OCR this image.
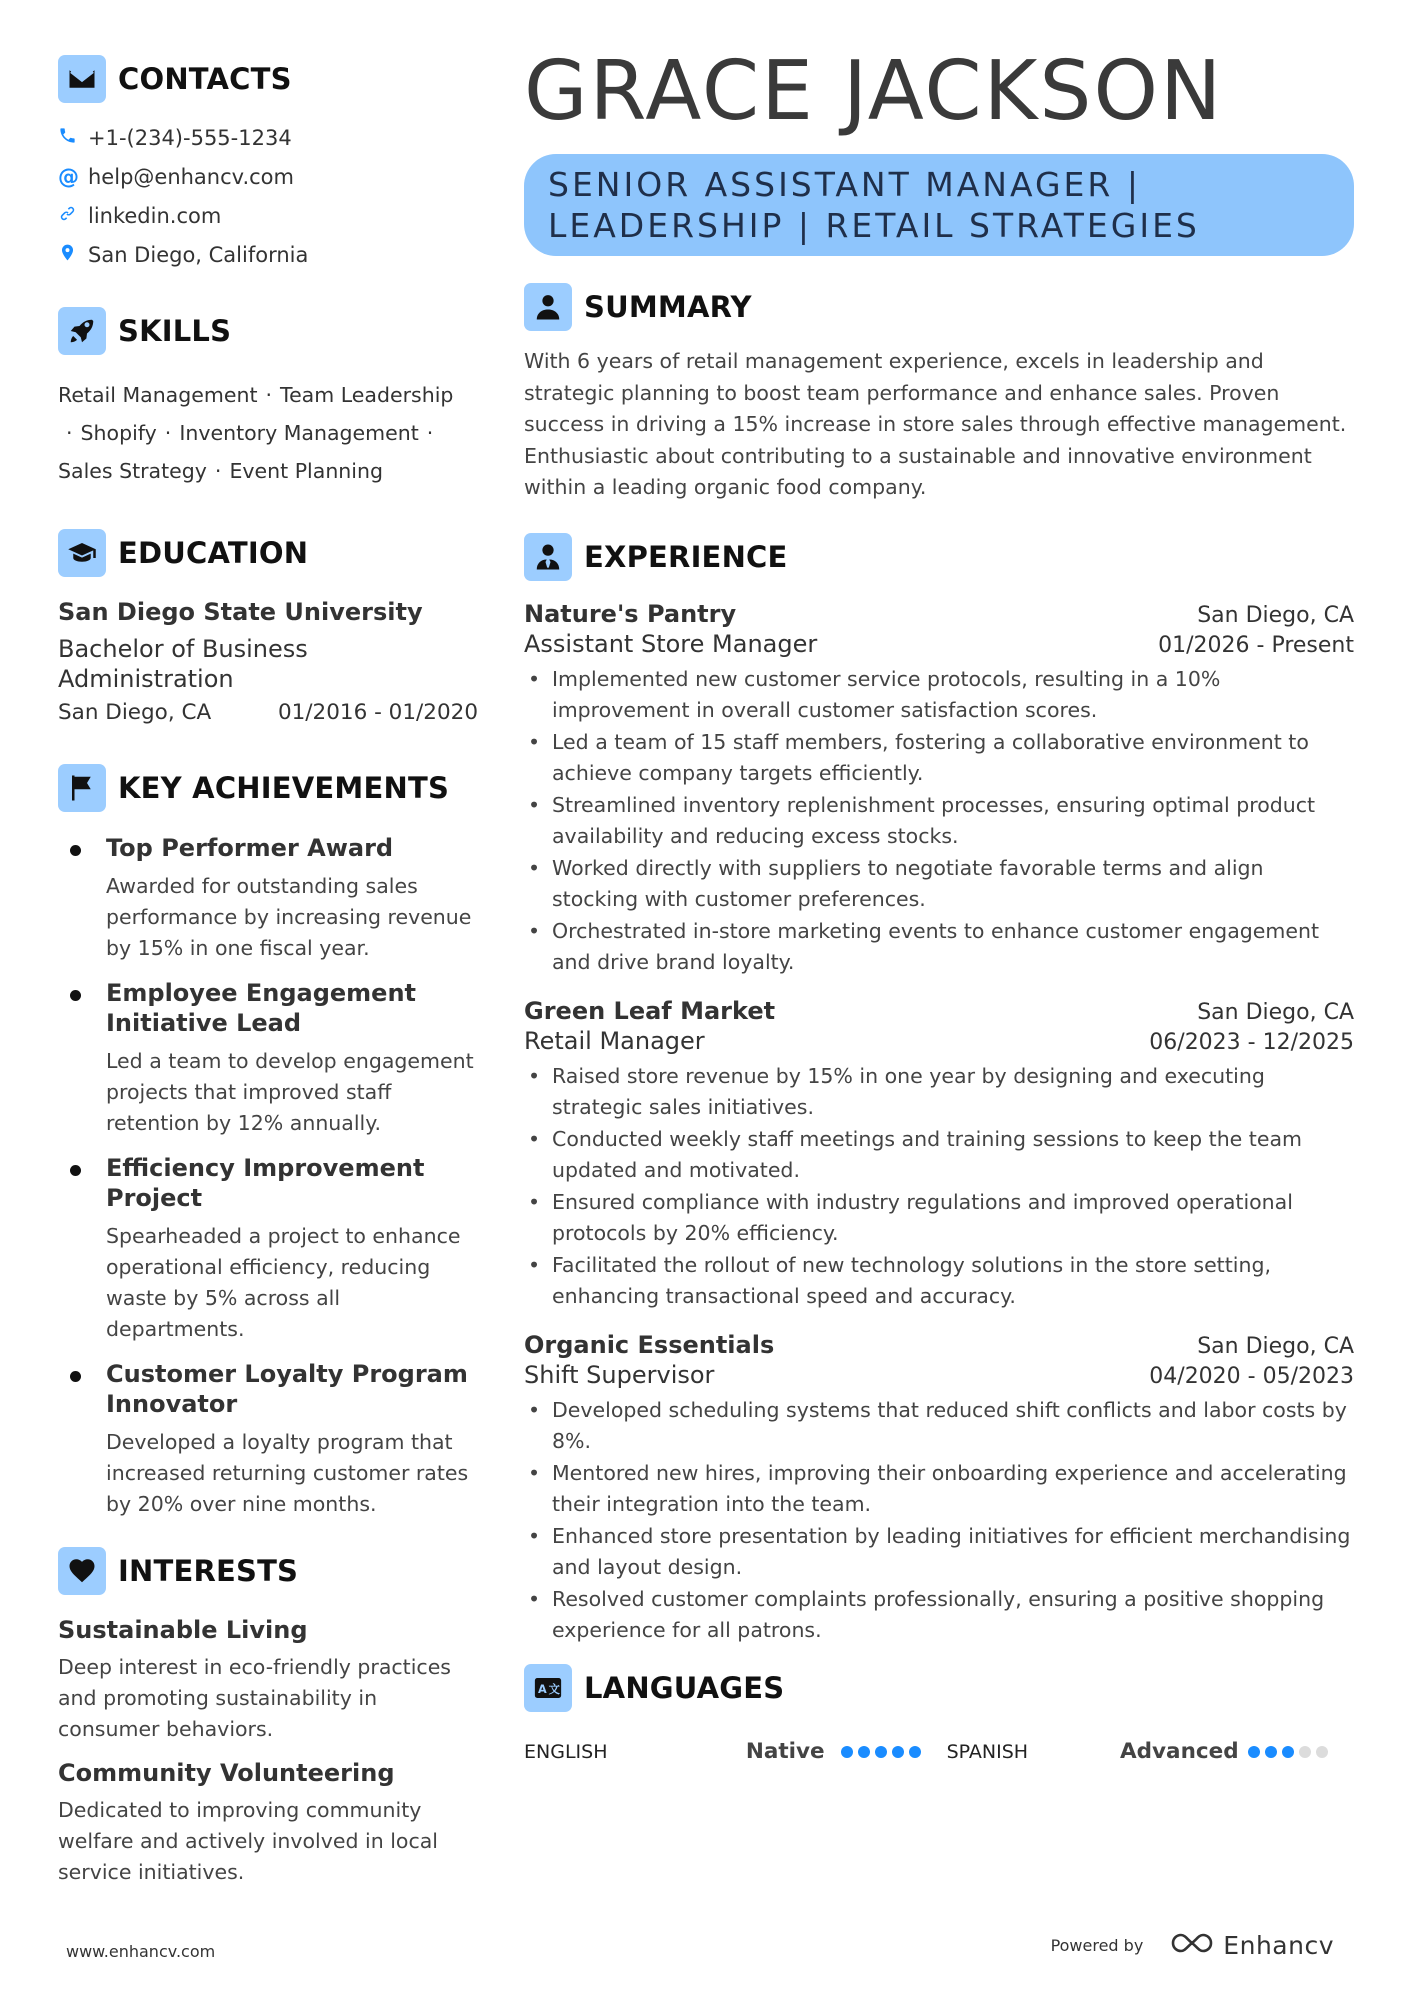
CONTACTS
+1-(234)-555-1234
@ help@enhancv.com
linkedin.com
San Diego, California
SKILLS
Retail Management · Team Leadership
· Shopify · Inventory Management ·
Sales Strategy · Event Planning
EDUCATION
San Diego State University
Bachelor of Business Administration
San Diego, CA	01/2016 - 01/2020
KEY ACHIEVEMENTS
Top Performer Award
Awarded for outstanding sales performance by increasing revenue by 15% in one fiscal year.
Employee Engagement Initiative Lead
Led a team to develop engagement projects that improved staff retention by 12% annually.
Efficiency Improvement Project
Spearheaded a project to enhance operational efficiency, reducing waste by 5% across all departments.
Customer Loyalty Program Innovator
Developed a loyalty program that increased returning customer rates by 20% over nine months.
INTERESTS
Sustainable Living
Deep interest in eco-friendly practices and promoting sustainability in consumer behaviors.
Community Volunteering
Dedicated to improving community welfare and actively involved in local service initiatives.
GRACE JACKSON
SENIOR ASSISTANT MANAGER | LEADERSHIP | RETAIL STRATEGIES
SUMMARY

With 6 years of retail management experience, excels in leadership and strategic planning to boost team performance and enhance sales. Proven success in driving a 15% increase in store sales through effective management. Enthusiastic about contributing to a sustainable and innovative environment within a leading organic food company.

EXPERIENCE
Nature's Pantry	San Diego, CA
Assistant Store Manager	01/2026 - Present
• Implemented new customer service protocols, resulting in a 10% improvement in overall customer satisfaction scores.
• Led a team of 15 staff members, fostering a collaborative environment to achieve company targets efficiently.
• Streamlined inventory replenishment processes, ensuring optimal product availability and reducing excess stocks.
• Worked directly with suppliers to negotiate favorable terms and align stocking with customer preferences.
• Orchestrated in-store marketing events to enhance customer engagement and drive brand loyalty.
Green Leaf Market	San Diego, CA
Retail Manager	06/2023 - 12/2025
• Raised store revenue by 15% in one year by designing and executing strategic sales initiatives.
• Conducted weekly staff meetings and training sessions to keep the team updated and motivated.
• Ensured compliance with industry regulations and improved operational protocols by 20% efficiency.
• Facilitated the rollout of new technology solutions in the store setting, enhancing transactional speed and accuracy.
Organic Essentials	San Diego, CA
Shift Supervisor	04/2020 - 05/2023
• Developed scheduling systems that reduced shift conflicts and labor costs by 8%.
• Mentored new hires, improving their onboarding experience and accelerating their integration into the team.
• Enhanced store presentation by leading initiatives for efficient merchandising and layout design.
• Resolved customer complaints professionally, ensuring a positive shopping experience for all patrons.
A 文 LANGUAGES
ENGLISH	Native	SPANISH	Advanced
www.enhancv.com	Powered by	Enhancv
